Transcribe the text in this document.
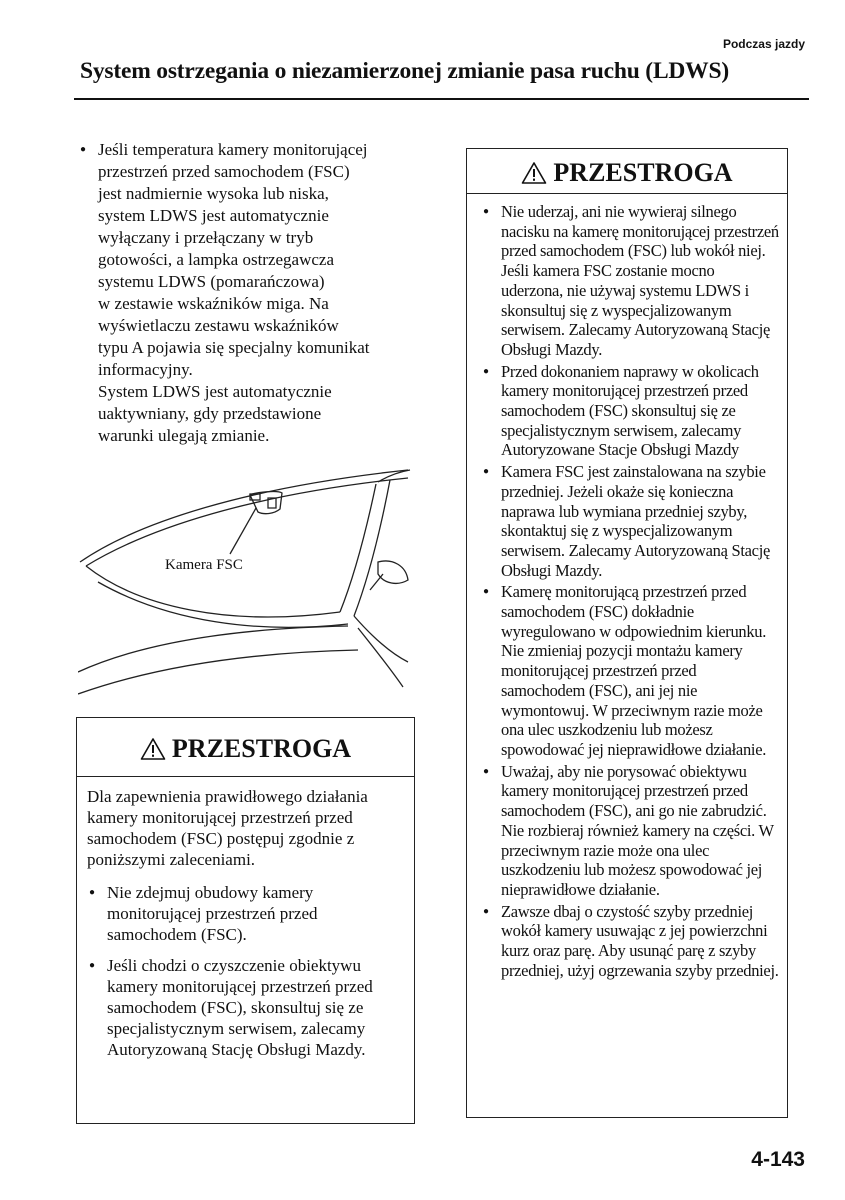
Podczas jazdy
System ostrzegania o niezamierzonej zmianie pasa ruchu (LDWS)
● Jeśli temperatura kamery monitorującej
przestrzeń przed samochodem (FSC)
jest nadmiernie wysoka lub niska,
system LDWS jest automatycznie
wyłączany i przełączany w tryb
gotowości, a lampka ostrzegawcza
systemu LDWS (pomarańczowa)
w zestawie wskaźników miga. Na
wyświetlaczu zestawu wskaźników
typu A pojawia się specjalny komunikat
informacyjny.
System LDWS jest automatycznie
uaktywniany, gdy przedstawione
warunki ulegają zmianie.
Kamera FSC
PRZESTROGA

Dla zapewnienia prawidłowego działania kamery monitorującej przestrzeń przed samochodem (FSC) postępuj zgodnie z poniższymi zaleceniami.

● Nie zdejmuj obudowy kamery monitorującej przestrzeń przed samochodem (FSC).
● Jeśli chodzi o czyszczenie obiektywu kamery monitorującej przestrzeń przed samochodem (FSC), skonsultuj się ze specjalistycznym serwisem, zalecamy Autoryzowaną Stację Obsługi Mazdy.
PRZESTROGA
● Nie uderzaj, ani nie wywieraj silnego nacisku na kamerę monitorującej przestrzeń przed samochodem (FSC) lub wokół niej. Jeśli kamera FSC zostanie mocno uderzona, nie używaj systemu LDWS i skonsultuj się z wyspecjalizowanym serwisem. Zalecamy Autoryzowaną Stację Obsługi Mazdy.
● Przed dokonaniem naprawy w okolicach kamery monitorującej przestrzeń przed samochodem (FSC) skonsultuj się ze specjalistycznym serwisem, zalecamy Autoryzowane Stacje Obsługi Mazdy
● Kamera FSC jest zainstalowana na szybie przedniej. Jeżeli okaże się konieczna naprawa lub wymiana przedniej szyby, skontaktuj się z wyspecjalizowanym serwisem. Zalecamy Autoryzowaną Stację Obsługi Mazdy.
● Kamerę monitorującą przestrzeń przed samochodem (FSC) dokładnie wyregulowano w odpowiednim kierunku. Nie zmieniaj pozycji montażu kamery monitorującej przestrzeń przed samochodem (FSC), ani jej nie wymontowuj. W przeciwnym razie może ona ulec uszkodzeniu lub możesz spowodować jej nieprawidłowe działanie.
● Uważaj, aby nie porysować obiektywu kamery monitorującej przestrzeń przed samochodem (FSC), ani go nie zabrudzić. Nie rozbieraj również kamery na części. W przeciwnym razie może ona ulec uszkodzeniu lub możesz spowodować jej nieprawidłowe działanie.
● Zawsze dbaj o czystość szyby przedniej wokół kamery usuwając z jej powierzchni kurz oraz parę. Aby usunąć parę z szyby przedniej, użyj ogrzewania szyby przedniej.
4-143
